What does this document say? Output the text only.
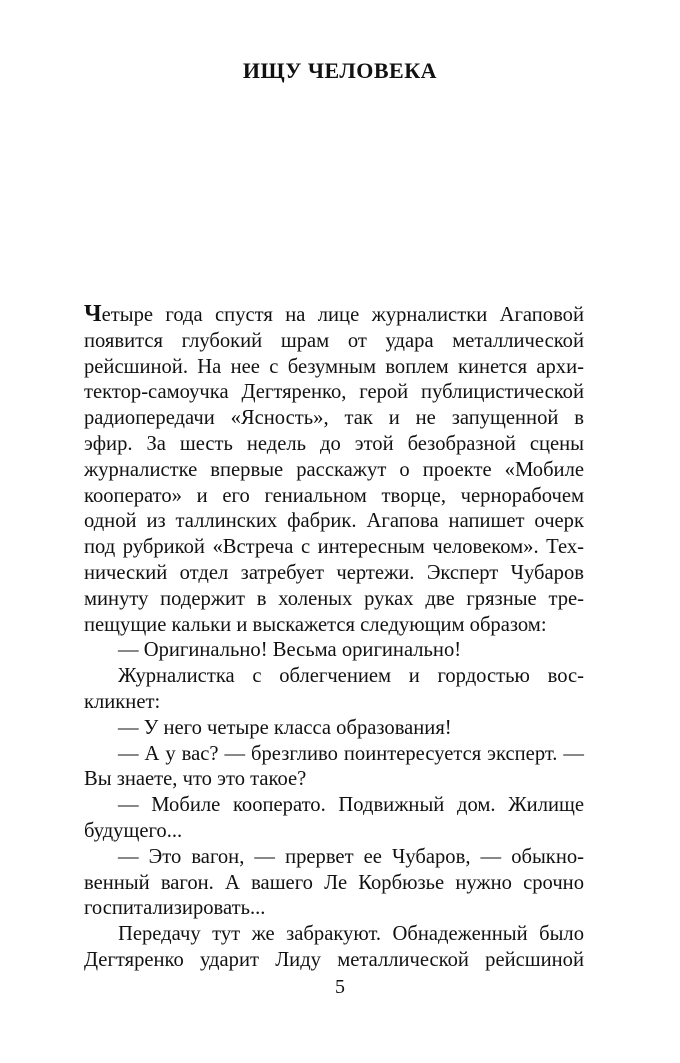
ИЩУ ЧЕЛОВЕКА
Четыре года спустя на лице журналистки Агаповой
появится глубокий шрам от удара металлической
рейсшиной. На нее с безумным воплем кинется архи-
тектор-самоучка Дегтяренко, герой публицистической
радиопередачи «Ясность», так и не запущенной в
эфир. За шесть недель до этой безобразной сцены
журналистке впервые расскажут о проекте «Мобиле
кооперато» и его гениальном творце, чернорабочем
одной из таллинских фабрик. Агапова напишет очерк
под рубрикой «Встреча с интересным человеком». Тех-
нический отдел затребует чертежи. Эксперт Чубаров
минуту подержит в холеных руках две грязные тре-
пещущие кальки и выскажется следующим образом:
— Оригинально! Весьма оригинально!
Журналистка с облегчением и гордостью вос-
кликнет:
— У него четыре класса образования!
— А у вас? — брезгливо поинтересуется эксперт. —
Вы знаете, что это такое?
— Мобиле кооперато. Подвижный дом. Жилище
будущего...
— Это вагон, — прервет ее Чубаров, — обыкно-
венный вагон. А вашего Ле Корбюзье нужно срочно
госпитализировать...
Передачу тут же забракуют. Обнадеженный было
Дегтяренко ударит Лиду металлической рейсшиной
5
